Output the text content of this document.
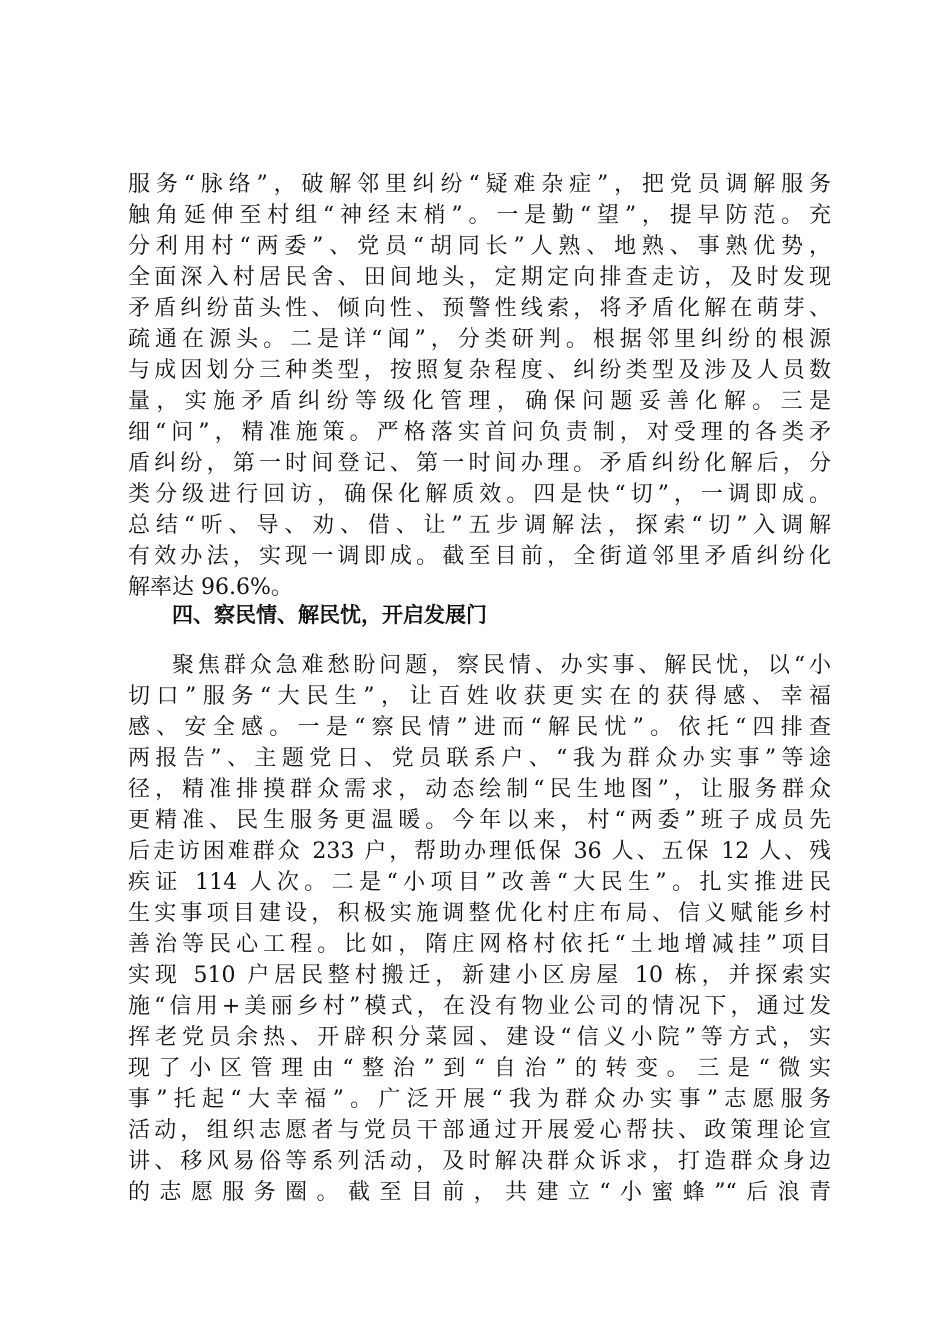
服务“脉络”，破解邻里纠纷“疑难杂症”，把党员调解服务
触角延伸至村组“神经末梢”。一是勤“望”，提早防范。充
分利用村“两委”、党员“胡同长”人熟、地熟、事熟优势，
全面深入村居民舍、田间地头，定期定向排查走访，及时发现
矛盾纠纷苗头性、倾向性、预警性线索，将矛盾化解在萌芽、
疏通在源头。二是详“闻”，分类研判。根据邻里纠纷的根源
与成因划分三种类型，按照复杂程度、纠纷类型及涉及人员数
量，实施矛盾纠纷等级化管理，确保问题妥善化解。三是
细“问”，精准施策。严格落实首问负责制，对受理的各类矛
盾纠纷，第一时间登记、第一时间办理。矛盾纠纷化解后，分
类分级进行回访，确保化解质效。四是快“切”，一调即成。
总结“听、导、劝、借、让”五步调解法，探索“切”入调解
有效办法，实现一调即成。截至目前，全街道邻里矛盾纠纷化
解率达 96.6%。
四、察民情、解民忧，开启发展门
聚焦群众急难愁盼问题，察民情、办实事、解民忧，以“小
切口”服务“大民生”，让百姓收获更实在的获得感、幸福
感、安全感。一是“察民情”进而“解民忧”。依托“四排查
两报告”、主题党日、党员联系户、“我为群众办实事”等途
径，精准排摸群众需求，动态绘制“民生地图”，让服务群众
更精准、民生服务更温暖。今年以来，村“两委”班子成员先
后走访困难群众 233 户，帮助办理低保 36 人、五保 12 人、残
疾证 114 人次。二是“小项目”改善“大民生”。扎实推进民
生实事项目建设，积极实施调整优化村庄布局、信义赋能乡村
善治等民心工程。比如，隋庄网格村依托“土地增减挂”项目
实现 510 户居民整村搬迁，新建小区房屋 10 栋，并探索实
施“信用+美丽乡村”模式，在没有物业公司的情况下，通过发
挥老党员余热、开辟积分菜园、建设“信义小院”等方式，实
现了小区管理由“整治”到“自治”的转变。三是“微实
事”托起“大幸福”。广泛开展“我为群众办实事”志愿服务
活动，组织志愿者与党员干部通过开展爱心帮扶、政策理论宣
讲、移风易俗等系列活动，及时解决群众诉求，打造群众身边
的志愿服务圈。截至目前，共建立“小蜜蜂”“后浪青
